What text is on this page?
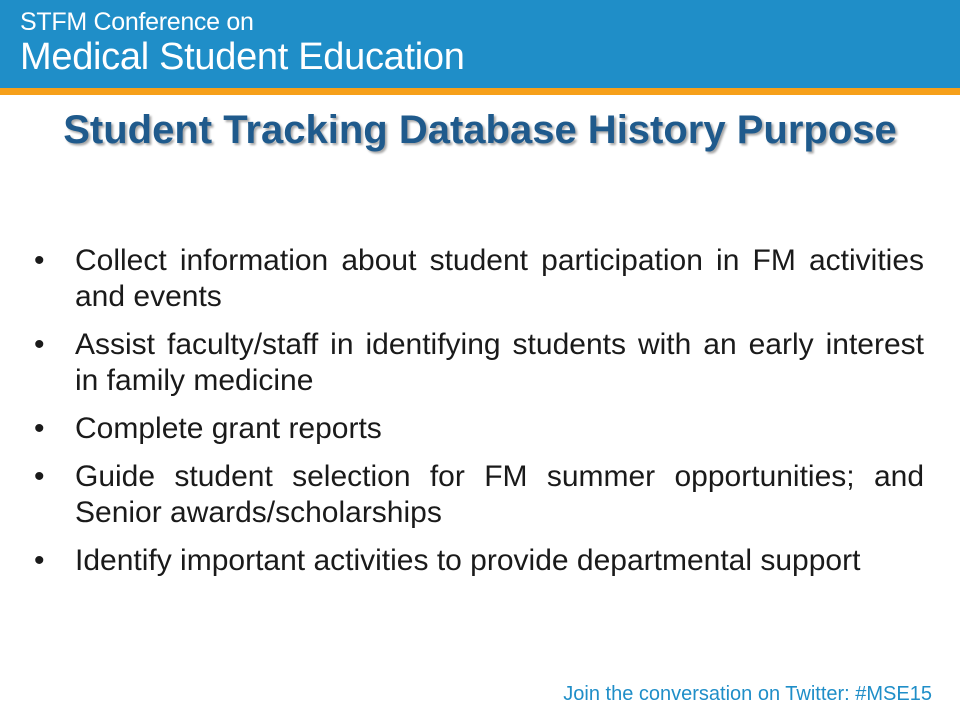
STFM Conference on
Medical Student Education
Student Tracking Database History Purpose
•	Collect information about student participation in FM activities and events
•	Assist faculty/staff in identifying students with an early interest in family medicine
•	Complete grant reports
•	Guide student selection for FM summer opportunities; and Senior awards/scholarships
•	Identify important activities to provide departmental support
Join the conversation on Twitter: #MSE15
